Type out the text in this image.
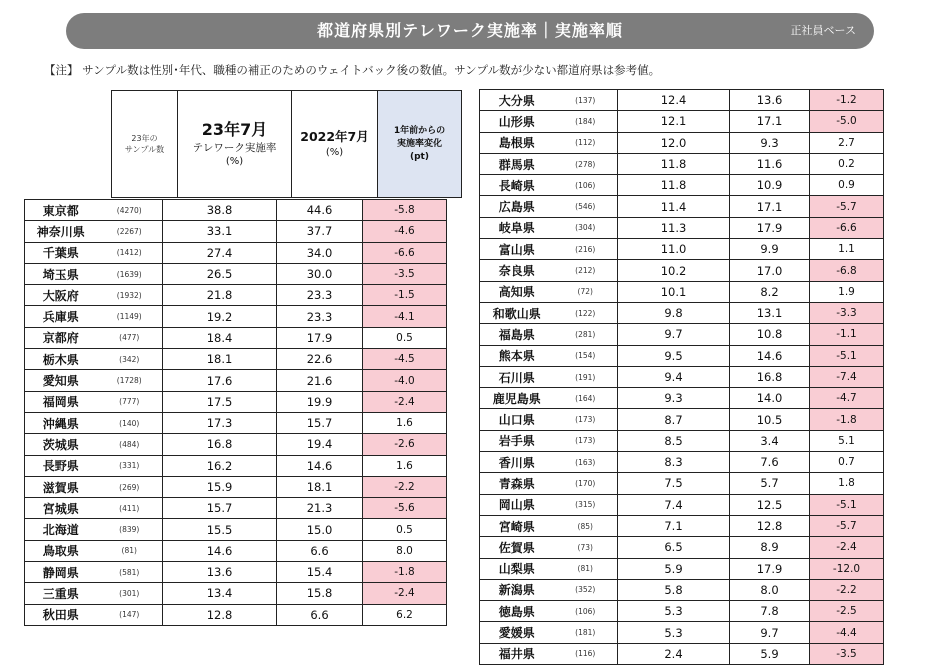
都道府県別テレワーク実施率｜実施率順	正社員ベース
【注】 サンプル数は性別･年代、職種の補正のためのウェイトバック後の数値。サンプル数が少ない都道府県は参考値。
23年の
サンプル数

23年7月
テレワーク実施率
(%)

2022年7月
(%)

1年前からの
実施率変化
(pt)
東京都	(4270)	38.8	44.6	-5.8
神奈川県	(2267)	33.1	37.7	-4.6
千葉県	(1412)	27.4	34.0	-6.6
埼玉県	(1639)	26.5	30.0	-3.5
大阪府	(1932)	21.8	23.3	-1.5
兵庫県	(1149)	19.2	23.3	-4.1
京都府	(477)	18.4	17.9	0.5
栃木県	(342)	18.1	22.6	-4.5
愛知県	(1728)	17.6	21.6	-4.0
福岡県	(777)	17.5	19.9	-2.4
沖縄県	(140)	17.3	15.7	1.6
茨城県	(484)	16.8	19.4	-2.6
長野県	(331)	16.2	14.6	1.6
滋賀県	(269)	15.9	18.1	-2.2
宮城県	(411)	15.7	21.3	-5.6
北海道	(839)	15.5	15.0	0.5
鳥取県	(81)	14.6	6.6	8.0
静岡県	(581)	13.6	15.4	-1.8
三重県	(301)	13.4	15.8	-2.4
秋田県	(147)	12.8	6.6	6.2
大分県	(137)	12.4	13.6	-1.2
山形県	(184)	12.1	17.1	-5.0
島根県	(112)	12.0	9.3	2.7
群馬県	(278)	11.8	11.6	0.2
長崎県	(106)	11.8	10.9	0.9
広島県	(546)	11.4	17.1	-5.7
岐阜県	(304)	11.3	17.9	-6.6
富山県	(216)	11.0	9.9	1.1
奈良県	(212)	10.2	17.0	-6.8
高知県	(72)	10.1	8.2	1.9
和歌山県	(122)	9.8	13.1	-3.3
福島県	(281)	9.7	10.8	-1.1
熊本県	(154)	9.5	14.6	-5.1
石川県	(191)	9.4	16.8	-7.4
鹿児島県	(164)	9.3	14.0	-4.7
山口県	(173)	8.7	10.5	-1.8
岩手県	(173)	8.5	3.4	5.1
香川県	(163)	8.3	7.6	0.7
青森県	(170)	7.5	5.7	1.8
岡山県	(315)	7.4	12.5	-5.1
宮崎県	(85)	7.1	12.8	-5.7
佐賀県	(73)	6.5	8.9	-2.4
山梨県	(81)	5.9	17.9	-12.0
新潟県	(352)	5.8	8.0	-2.2
徳島県	(106)	5.3	7.8	-2.5
愛媛県	(181)	5.3	9.7	-4.4
福井県	(116)	2.4	5.9	-3.5
